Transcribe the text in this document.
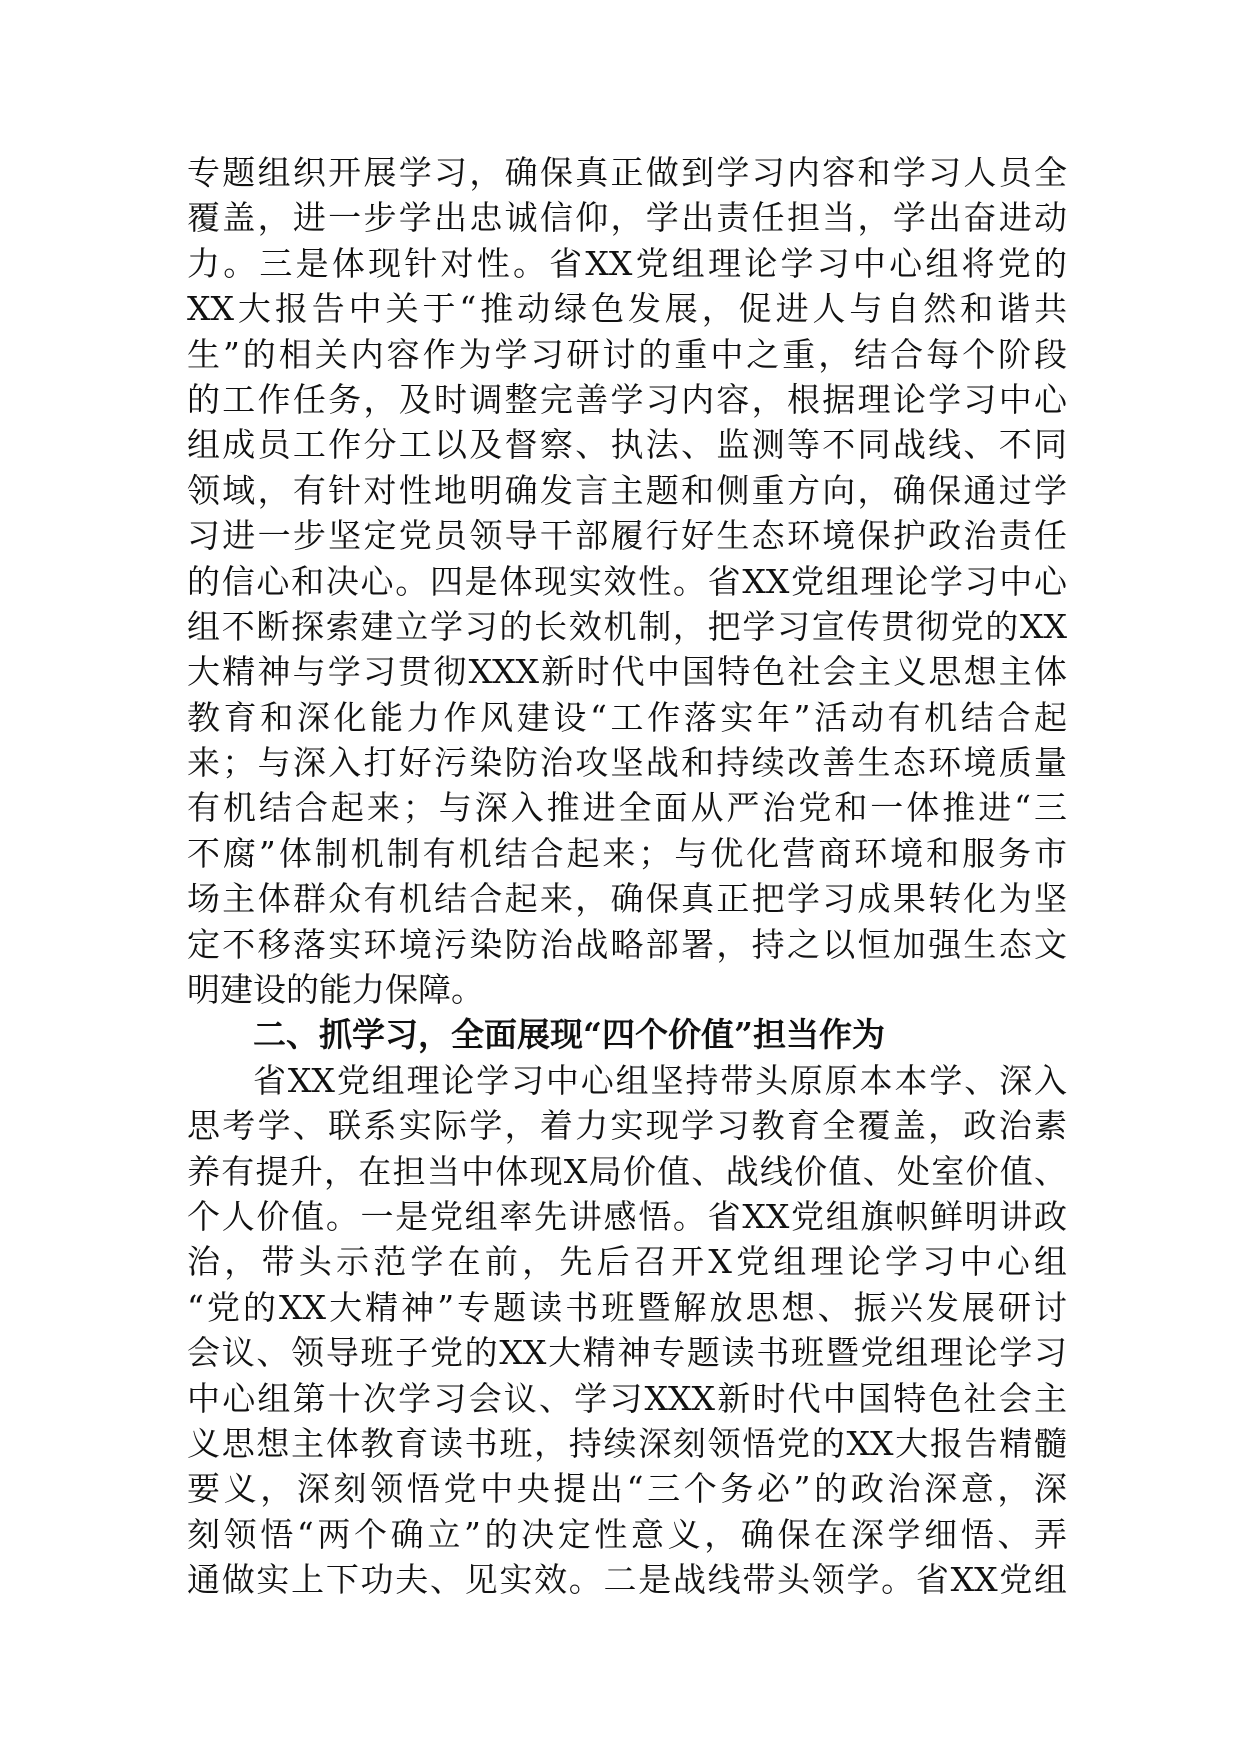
专题组织开展学习，确保真正做到学习内容和学习人员全
覆盖，进一步学出忠诚信仰，学出责任担当，学出奋进动
力。三是体现针对性。省XX党组理论学习中心组将党的
XX大报告中关于“推动绿色发展，促进人与自然和谐共
生”的相关内容作为学习研讨的重中之重，结合每个阶段
的工作任务，及时调整完善学习内容，根据理论学习中心
组成员工作分工以及督察、执法、监测等不同战线、不同
领域，有针对性地明确发言主题和侧重方向，确保通过学
习进一步坚定党员领导干部履行好生态环境保护政治责任
的信心和决心。四是体现实效性。省XX党组理论学习中心
组不断探索建立学习的长效机制，把学习宣传贯彻党的XX
大精神与学习贯彻XXX新时代中国特色社会主义思想主体
教育和深化能力作风建设“工作落实年”活动有机结合起
来；与深入打好污染防治攻坚战和持续改善生态环境质量
有机结合起来；与深入推进全面从严治党和一体推进“三
不腐”体制机制有机结合起来；与优化营商环境和服务市
场主体群众有机结合起来，确保真正把学习成果转化为坚
定不移落实环境污染防治战略部署，持之以恒加强生态文
明建设的能力保障。
二、抓学习，全面展现“四个价值”担当作为
省XX党组理论学习中心组坚持带头原原本本学、深入
思考学、联系实际学，着力实现学习教育全覆盖，政治素
养有提升，在担当中体现X局价值、战线价值、处室价值、
个人价值。一是党组率先讲感悟。省XX党组旗帜鲜明讲政
治，带头示范学在前，先后召开X党组理论学习中心组
“党的XX大精神”专题读书班暨解放思想、振兴发展研讨
会议、领导班子党的XX大精神专题读书班暨党组理论学习
中心组第十次学习会议、学习XXX新时代中国特色社会主
义思想主体教育读书班，持续深刻领悟党的XX大报告精髓
要义，深刻领悟党中央提出“三个务必”的政治深意，深
刻领悟“两个确立”的决定性意义，确保在深学细悟、弄
通做实上下功夫、见实效。二是战线带头领学。省XX党组
